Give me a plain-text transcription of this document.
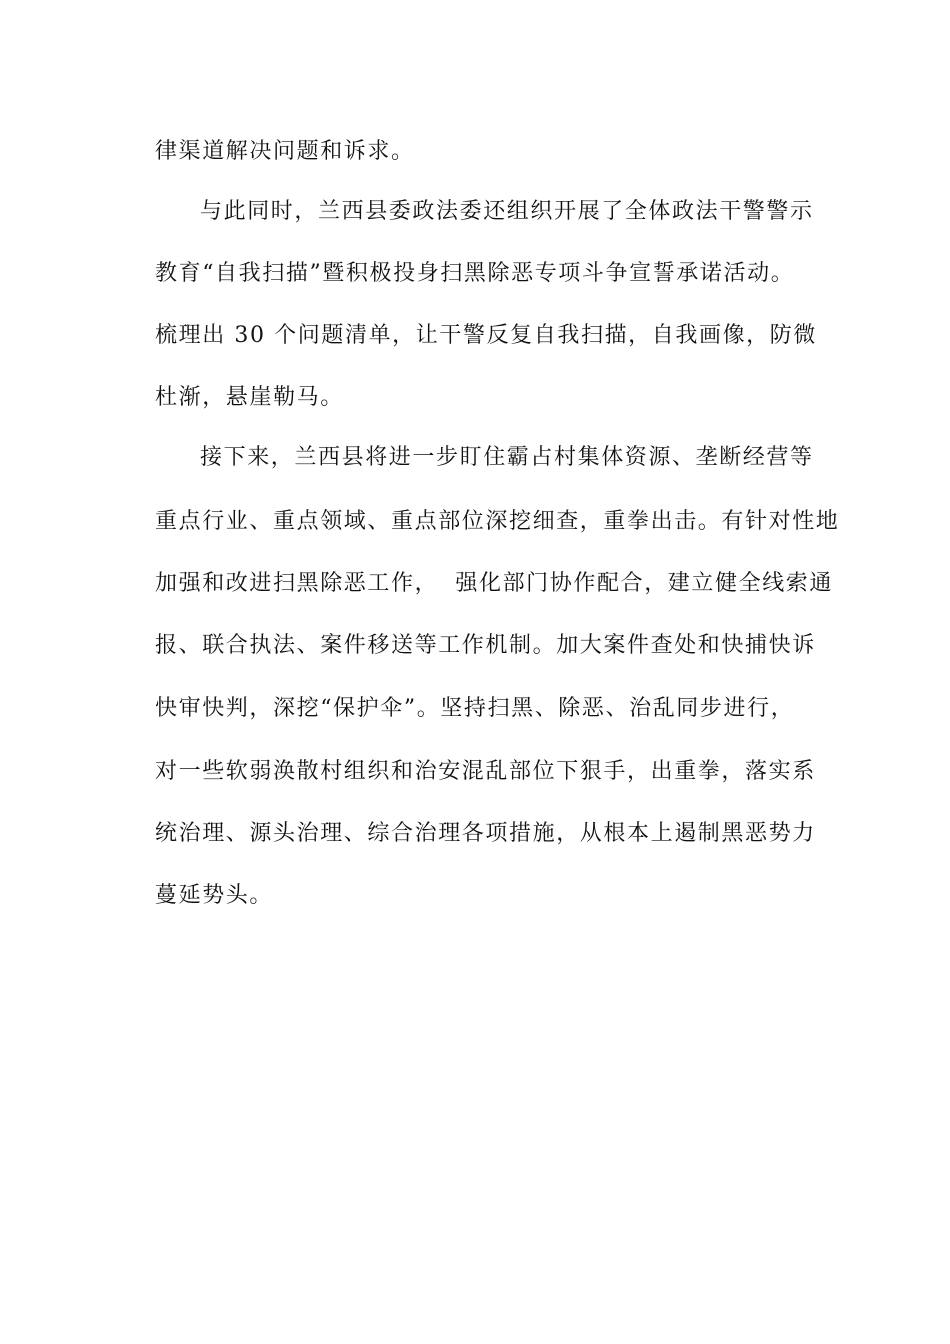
律渠道解决问题和诉求。
与此同时，兰西县委政法委还组织开展了全体政法干警警示
教育“自我扫描”暨积极投身扫黑除恶专项斗争宣誓承诺活动。
梳理出 30 个问题清单，让干警反复自我扫描，自我画像，防微
杜渐，悬崖勒马。
接下来，兰西县将进一步盯住霸占村集体资源、垄断经营等
重点行业、重点领域、重点部位深挖细查，重拳出击。有针对性地
加强和改进扫黑除恶工作，  强化部门协作配合，建立健全线索通
报、联合执法、案件移送等工作机制。加大案件查处和快捕快诉
快审快判，深挖“保护伞”。坚持扫黑、除恶、治乱同步进行，
对一些软弱涣散村组织和治安混乱部位下狠手，出重拳，落实系
统治理、源头治理、综合治理各项措施，从根本上遏制黑恶势力
蔓延势头。
